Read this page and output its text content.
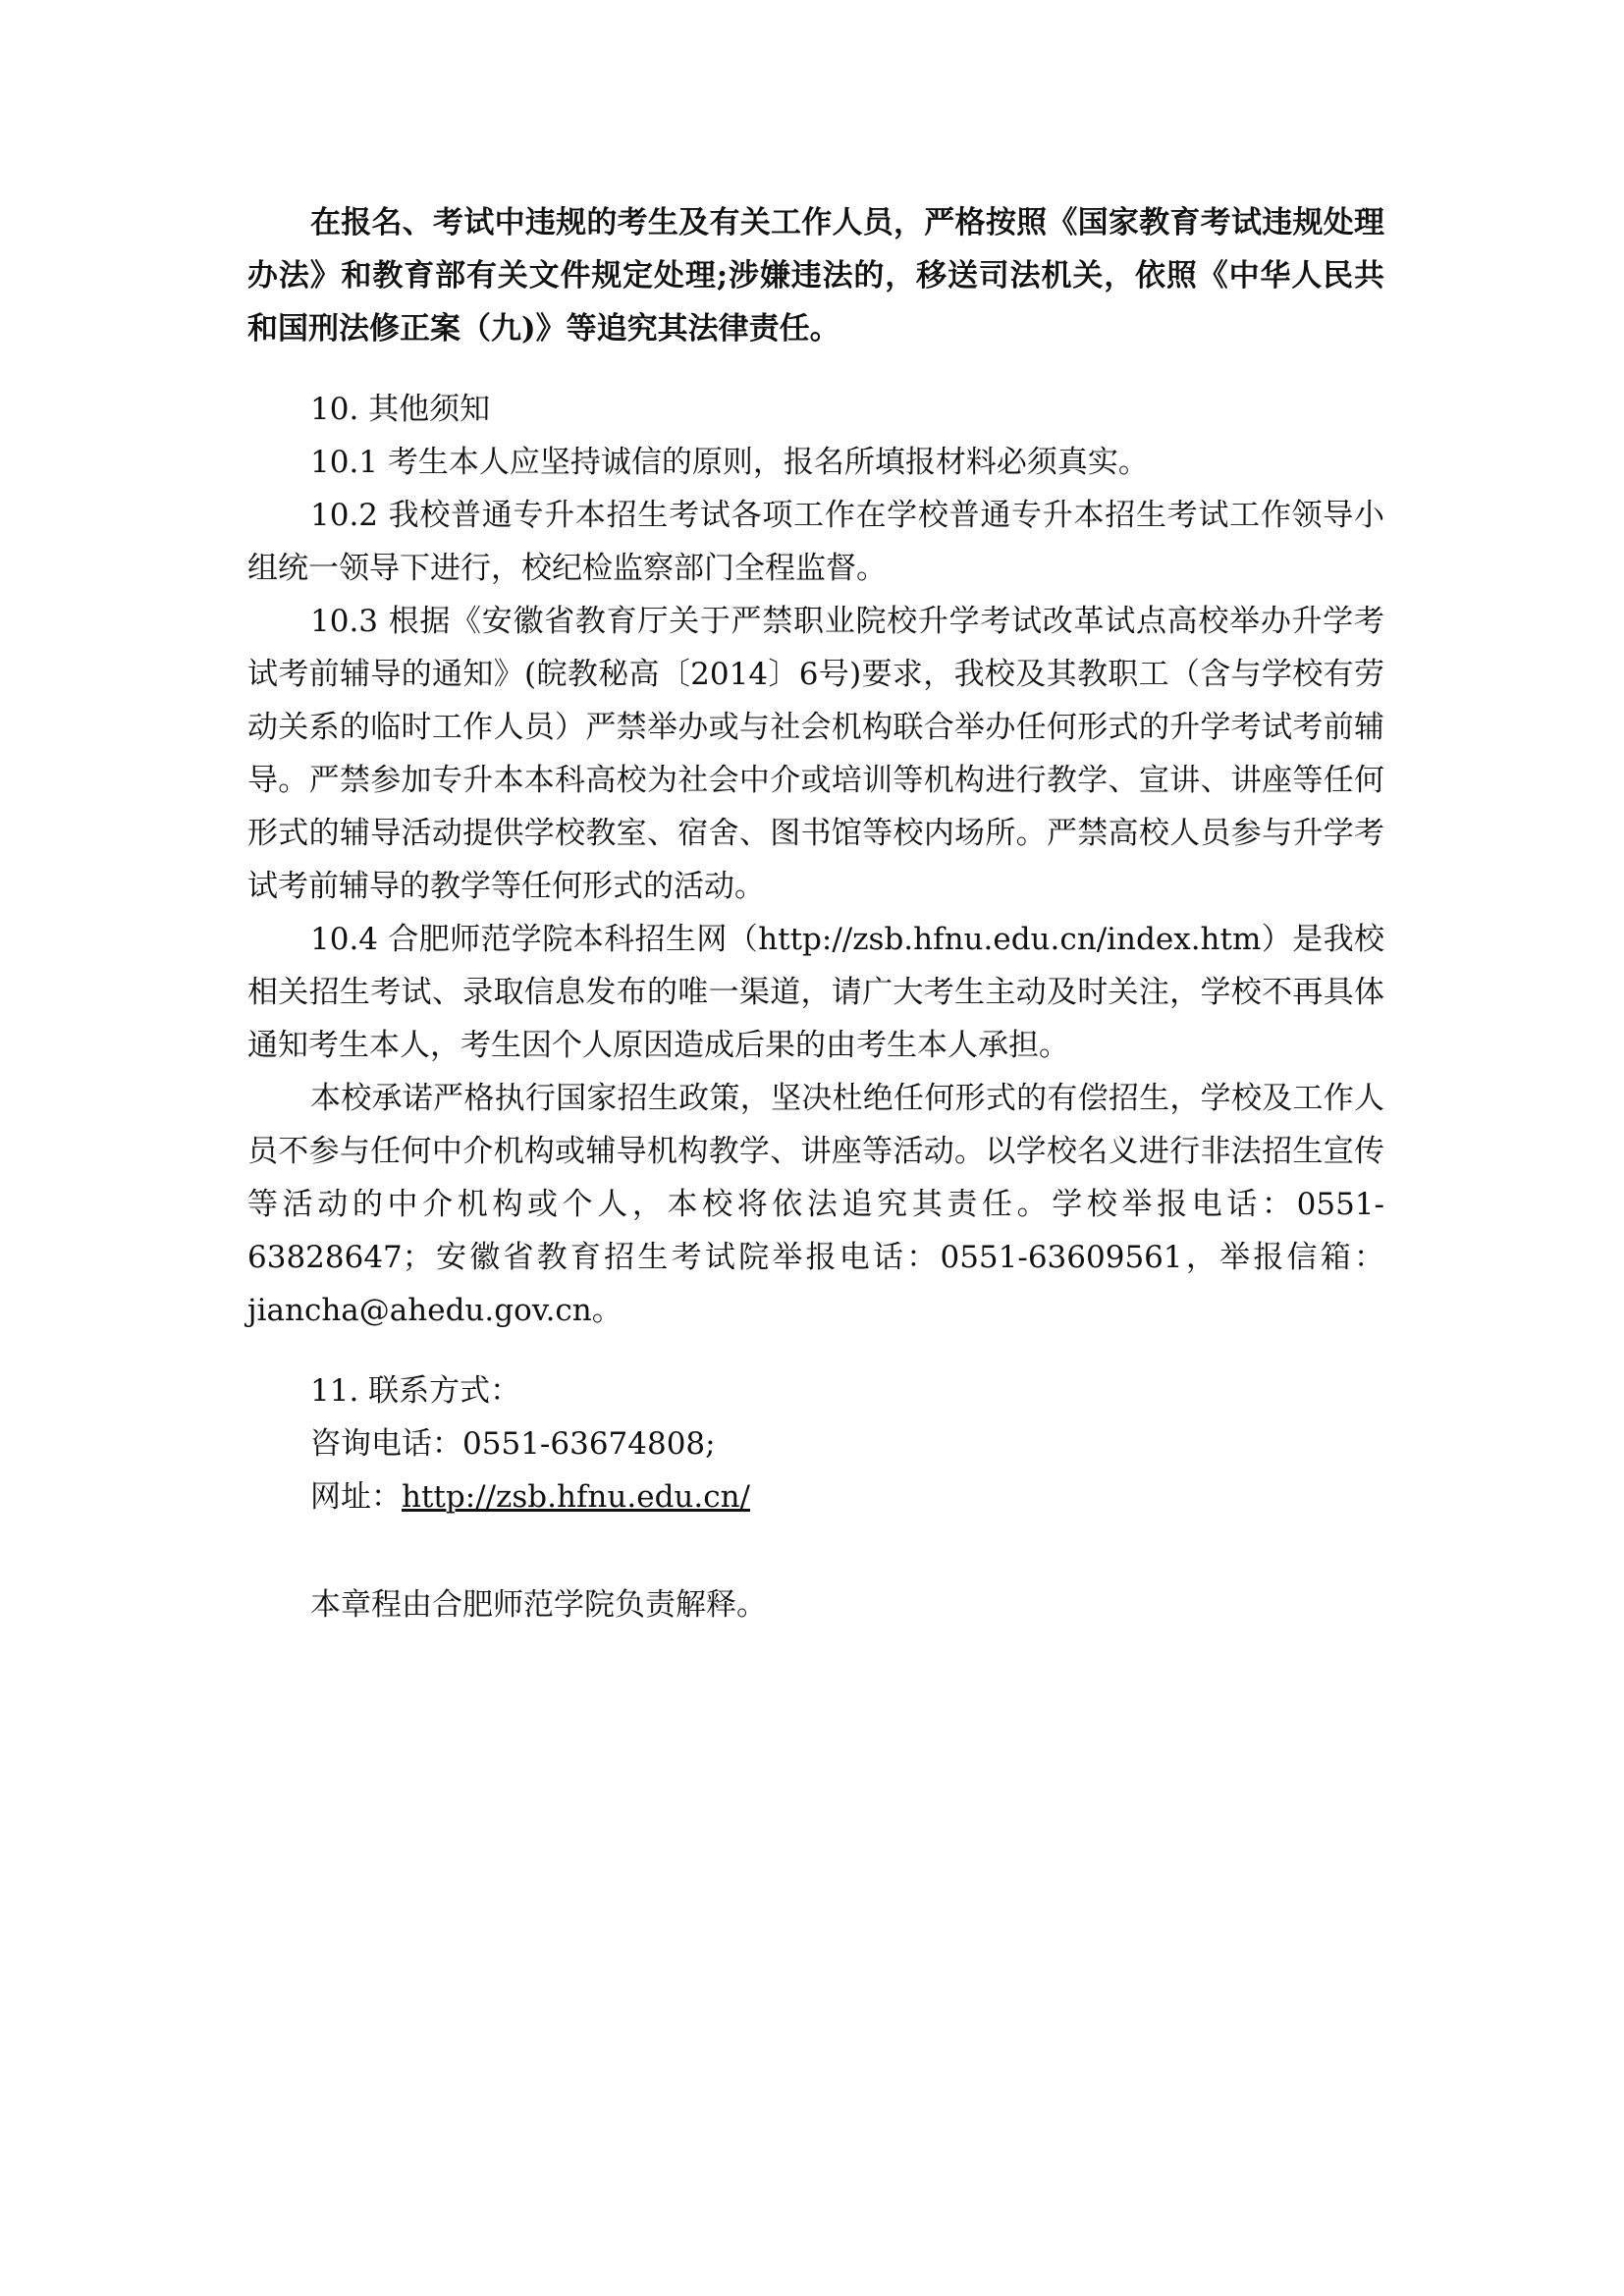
在报名、考试中违规的考生及有关工作人员，严格按照《国家教育考试违规处理办法》和教育部有关文件规定处理;涉嫌违法的，移送司法机关，依照《中华人民共和国刑法修正案（九)》等追究其法律责任。

10. 其他须知

10.1 考生本人应坚持诚信的原则，报名所填报材料必须真实。

10.2 我校普通专升本招生考试各项工作在学校普通专升本招生考试工作领导小组统一领导下进行，校纪检监察部门全程监督。

10.3 根据《安徽省教育厅关于严禁职业院校升学考试改革试点高校举办升学考试考前辅导的通知》(皖教秘高〔2014〕6号)要求，我校及其教职工（含与学校有劳动关系的临时工作人员）严禁举办或与社会机构联合举办任何形式的升学考试考前辅导。严禁参加专升本本科高校为社会中介或培训等机构进行教学、宣讲、讲座等任何形式的辅导活动提供学校教室、宿舍、图书馆等校内场所。严禁高校人员参与升学考试考前辅导的教学等任何形式的活动。

10.4 合肥师范学院本科招生网（http://zsb.hfnu.edu.cn/index.htm）是我校相关招生考试、录取信息发布的唯一渠道，请广大考生主动及时关注，学校不再具体通知考生本人，考生因个人原因造成后果的由考生本人承担。

本校承诺严格执行国家招生政策，坚决杜绝任何形式的有偿招生，学校及工作人员不参与任何中介机构或辅导机构教学、讲座等活动。以学校名义进行非法招生宣传等活动的中介机构或个人，本校将依法追究其责任。学校举报电话：0551-63828647；安徽省教育招生考试院举报电话：0551-63609561，举报信箱：jiancha@ahedu.gov.cn。

11. 联系方式：

咨询电话：0551-63674808;

网址：http://zsb.hfnu.edu.cn/

本章程由合肥师范学院负责解释。
